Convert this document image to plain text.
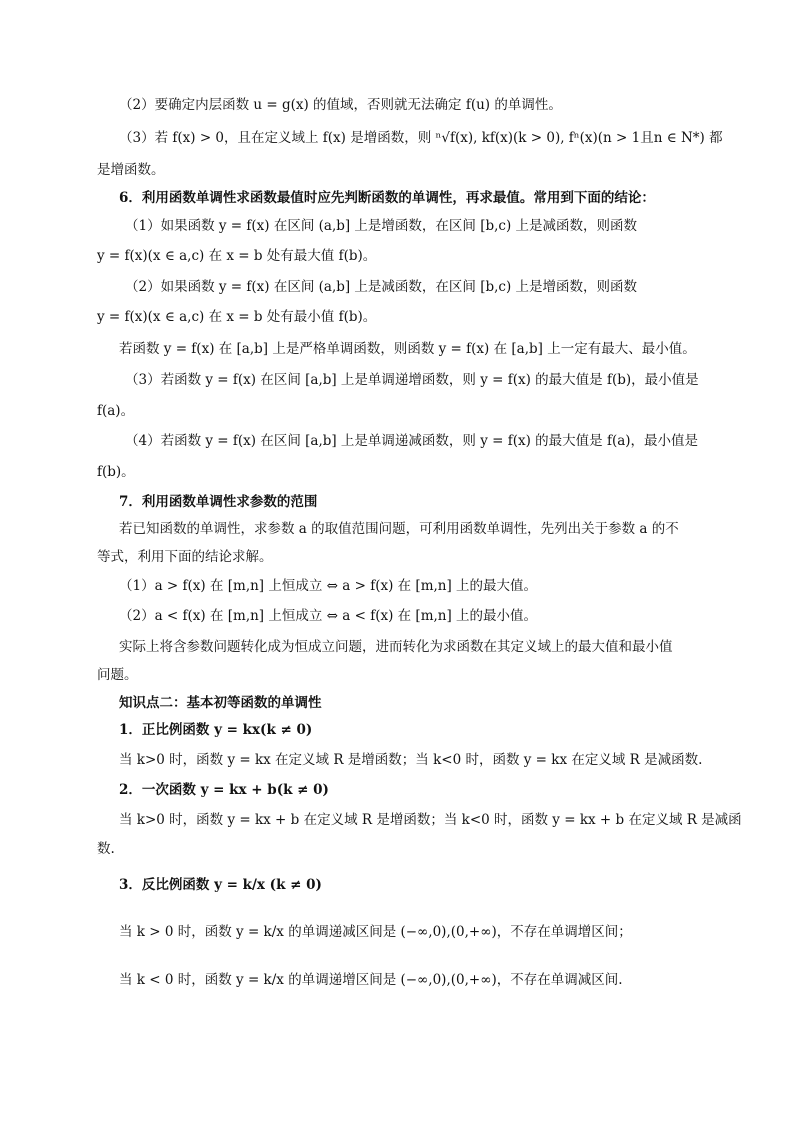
（2）要确定内层函数 u = g(x) 的值域，否则就无法确定 f(u) 的单调性。
（3）若 f(x) > 0，且在定义域上 f(x) 是增函数，则 ⁿ√f(x), kf(x)(k > 0), fⁿ(x)(n > 1且n ∈ N*) 都
是增函数。
6．利用函数单调性求函数最值时应先判断函数的单调性，再求最值。常用到下面的结论：
（1）如果函数 y = f(x) 在区间 (a,b] 上是增函数，在区间 [b,c) 上是减函数，则函数
y = f(x)(x ∈ a,c) 在 x = b 处有最大值 f(b)。
（2）如果函数 y = f(x) 在区间 (a,b] 上是减函数，在区间 [b,c) 上是增函数，则函数
y = f(x)(x ∈ a,c) 在 x = b 处有最小值 f(b)。
若函数 y = f(x) 在 [a,b] 上是严格单调函数，则函数 y = f(x) 在 [a,b] 上一定有最大、最小值。
（3）若函数 y = f(x) 在区间 [a,b] 上是单调递增函数，则 y = f(x) 的最大值是 f(b)，最小值是
f(a)。
（4）若函数 y = f(x) 在区间 [a,b] 上是单调递减函数，则 y = f(x) 的最大值是 f(a)，最小值是
f(b)。
7．利用函数单调性求参数的范围
若已知函数的单调性，求参数 a 的取值范围问题，可利用函数单调性，先列出关于参数 a 的不
等式，利用下面的结论求解。
（1）a > f(x) 在 [m,n] 上恒成立 ⇔ a > f(x) 在 [m,n] 上的最大值。
（2）a < f(x) 在 [m,n] 上恒成立 ⇔ a < f(x) 在 [m,n] 上的最小值。
实际上将含参数问题转化成为恒成立问题，进而转化为求函数在其定义域上的最大值和最小值
问题。
知识点二：基本初等函数的单调性
1．正比例函数 y = kx(k ≠ 0)
当 k>0 时，函数 y = kx 在定义域 R 是增函数；当 k<0 时，函数 y = kx 在定义域 R 是减函数.
2．一次函数 y = kx + b(k ≠ 0)
当 k>0 时，函数 y = kx + b 在定义域 R 是增函数；当 k<0 时，函数 y = kx + b 在定义域 R 是减函
数.
3．反比例函数 y = k/x (k ≠ 0)
当 k > 0 时，函数 y = k/x 的单调递减区间是 (−∞,0),(0,+∞)，不存在单调增区间；
当 k < 0 时，函数 y = k/x 的单调递增区间是 (−∞,0),(0,+∞)，不存在单调减区间.
